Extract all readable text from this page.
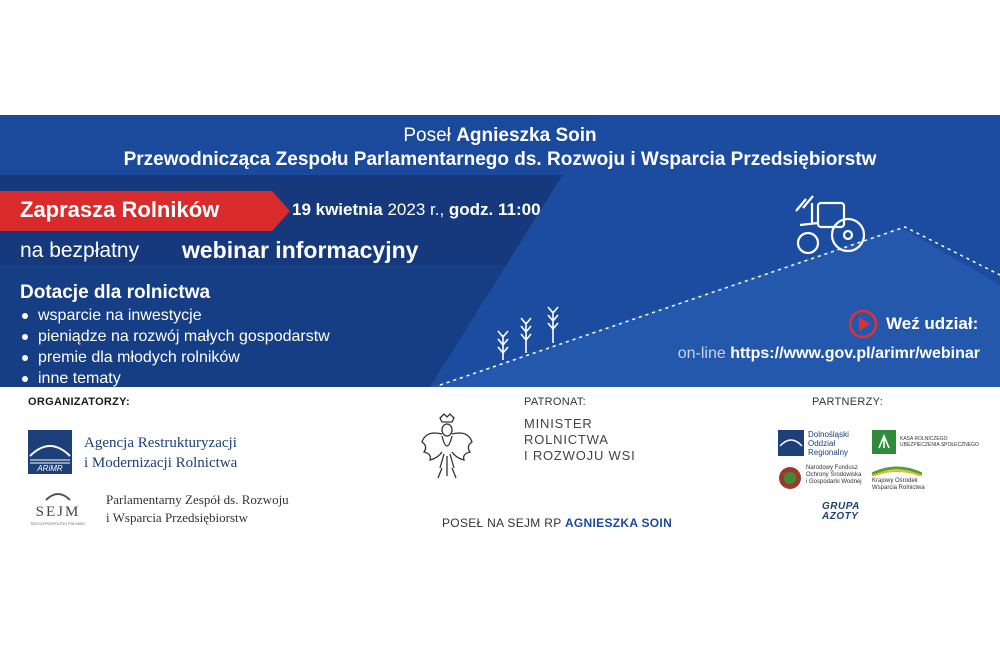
Poseł Agnieszka Soin
Przewodnicząca Zespołu Parlamentarnego ds. Rozwoju i Wsparcia Przedsiębiorstw
Zaprasza Rolników	19 kwietnia 2023 r., godz. 11:00
na bezpłatny webinar informacyjny
Dotacje dla rolnictwa
wsparcie na inwestycje
pieniądze na rozwój małych gospodarstw
premie dla młodych rolników
inne tematy
Weź udział:
on-line https://www.gov.pl/arimr/webinar
ORGANIZATORZY:
ARiMR
Agencja Restrukturyzacji
i Modernizacji Rolnictwa
SEJM
RZECZYPOSPOLITEJ POLSKIEJ
Parlamentarny Zespół ds. Rozwoju
i Wsparcia Przedsiębiorstw
PATRONAT:
MINISTER
ROLNICTWA
I ROZWOJU WSI
POSEŁ NA SEJM RP AGNIESZKA SOIN
PARTNERZY:
Dolnośląski
Oddział
Regionalny
KASA ROLNICZEGO
UBEZPIECZENIA SPOŁECZNEGO
Narodowy Fundusz
Ochrony Środowiska
i Gospodarki Wodnej Krajowy Ośrodek
Wsparcia Rolnictwa
GRUPA
AZOTY
